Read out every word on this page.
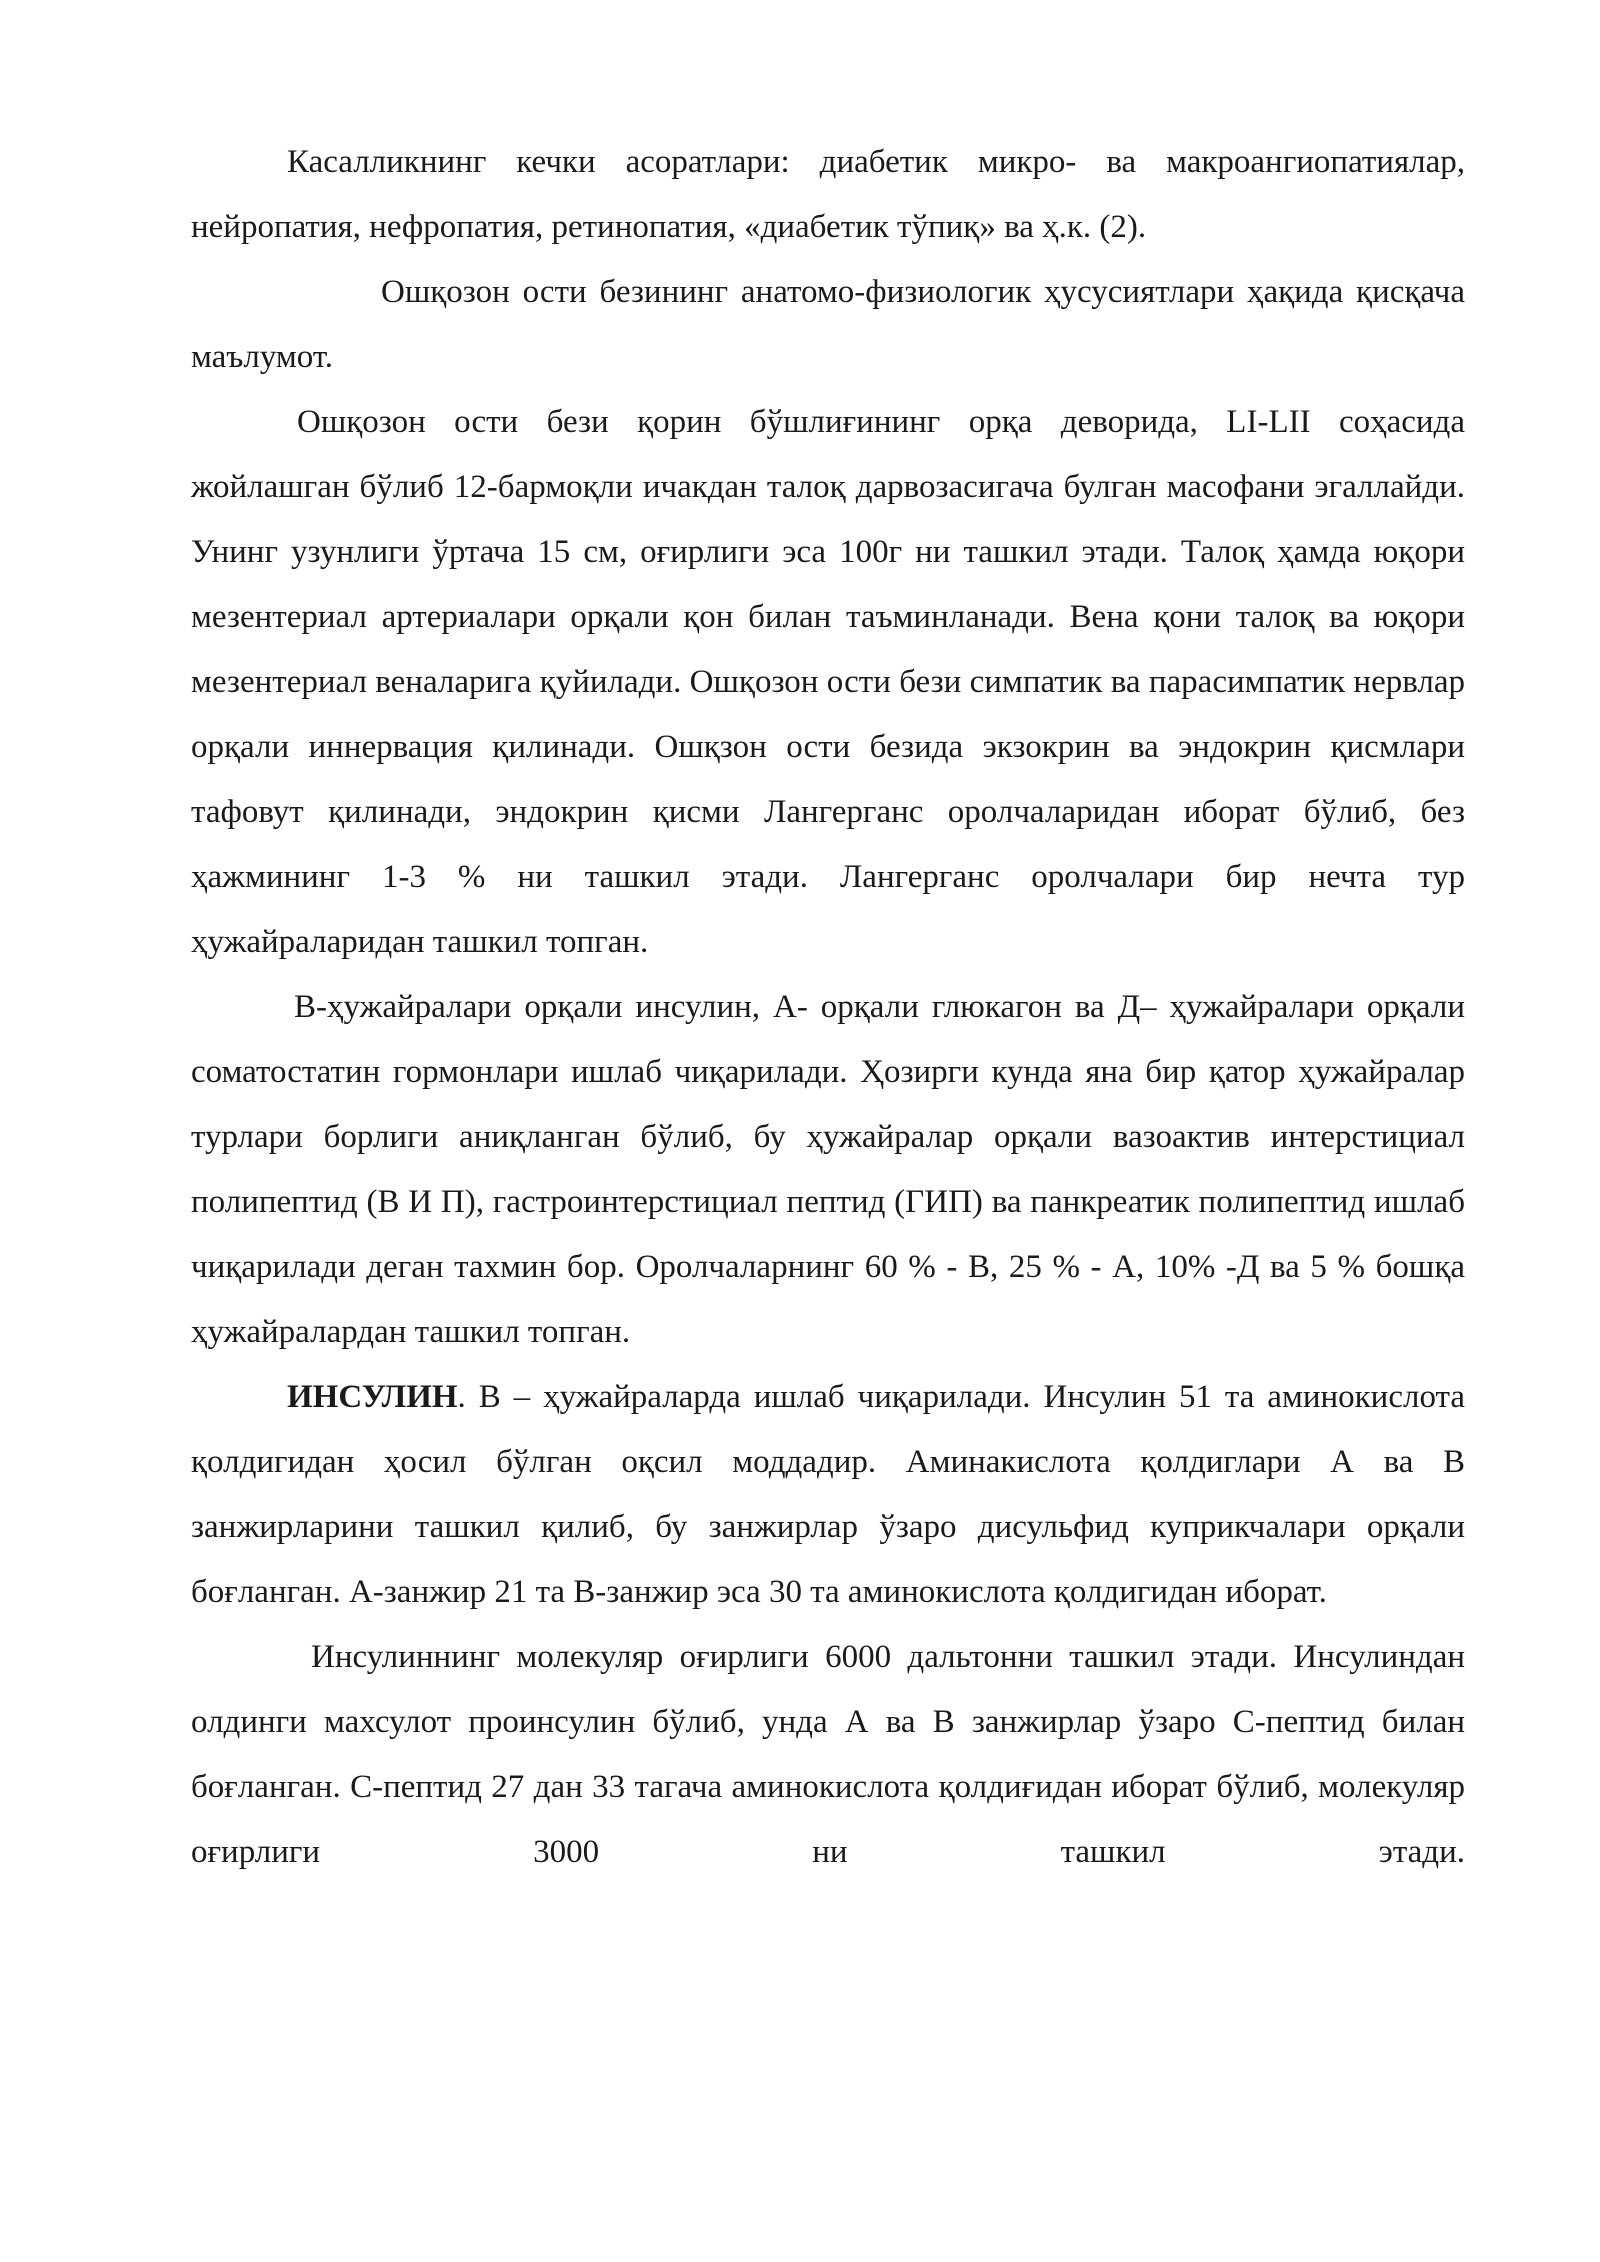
Касалликнинг кечки асоратлари: диабетик микро- ва макроангиопатиялар, нейропатия, нефропатия, ретинопатия, «диабетик тўпиқ» ва ҳ.к. (2).

Ошқозон ости безининг анатомо-физиологик ҳусусиятлари ҳақида қисқача маълумот.

Ошқозон ости бези қорин бўшлиғининг орқа деворида, LI-LII соҳасида жойлашган бўлиб 12-бармоқли ичакдан талоқ дарвозасигача булган масофани эгаллайди. Унинг узунлиги ўртача 15 см, оғирлиги эса 100г ни ташкил этади. Талоқ ҳамда юқори мезентериал артериалари орқали қон билан таъминланади. Вена қони талоқ ва юқори мезентериал веналарига қуйилади. Ошқозон ости бези симпатик ва парасимпатик нервлар орқали иннервация қилинади. Ошқзон ости безида экзокрин ва эндокрин қисмлари тафовут қилинади, эндокрин қисми Лангерганс оролчаларидан иборат бўлиб, без ҳажмининг 1-3 % ни ташкил этади. Лангерганс оролчалари бир нечта тур ҳужайраларидан ташкил топган.

В-ҳужайралари орқали инсулин, А- орқали глюкагон ва Д– ҳужайралари орқали соматостатин гормонлари ишлаб чиқарилади. Ҳозирги кунда яна бир қатор ҳужайралар турлари борлиги аниқланган бўлиб, бу ҳужайралар орқали вазоактив интерстициал полипептид (В И П), гастроинтерстициал пептид (ГИП) ва панкреатик полипептид ишлаб чиқарилади деган тахмин бор. Оролчаларнинг 60 % - В, 25 % - А, 10% -Д ва 5 % бошқа ҳужайралардан ташкил топган.

ИНСУЛИН. В – ҳужайраларда ишлаб чиқарилади. Инсулин 51 та аминокислота қолдигидан ҳосил бўлган оқсил моддадир. Аминакислота қолдиглари А ва В занжирларини ташкил қилиб, бу занжирлар ўзаро дисульфид куприкчалари орқали боғланган. А-занжир 21 та В-занжир эса 30 та аминокислота қолдигидан иборат.

Инсулиннинг молекуляр оғирлиги 6000 дальтонни ташкил этади. Инсулиндан олдинги махсулот проинсулин бўлиб, унда А ва В занжирлар ўзаро С-пептид билан боғланган. С-пептид 27 дан 33 тагача аминокислота қолдиғидан иборат бўлиб, молекуляр оғирлиги 3000 ни ташкил этади.
